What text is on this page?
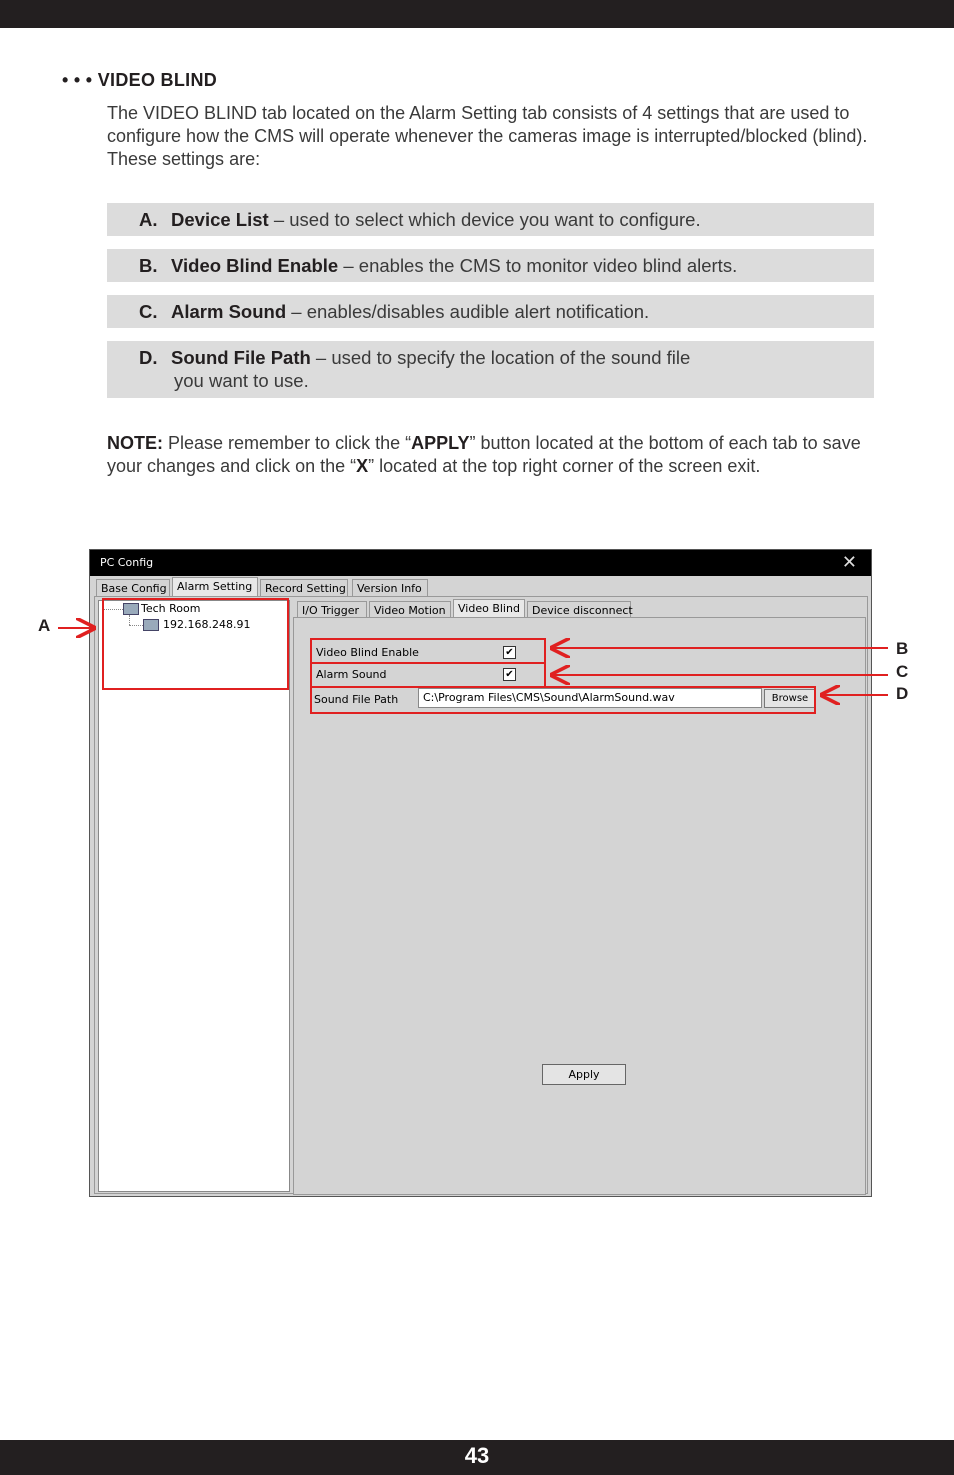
• • • VIDEO BLIND
The VIDEO BLIND tab located on the Alarm Setting tab consists of 4 settings that are used to configure how the CMS will operate whenever the cameras image is interrupted/blocked (blind). These settings are:
A. Device List – used to select which device you want to configure.
B. Video Blind Enable – enables the CMS to monitor video blind alerts.
C. Alarm Sound – enables/disables audible alert notification.
D. Sound File Path – used to specify the location of the sound file
you want to use.
NOTE: Please remember to click the “APPLY” button located at the bottom of each tab to save your changes and click on the “X” located at the top right corner of the screen exit.
PC Config	✕
Base Config Alarm Setting	Record Setting	Version Info
Tech Room
192.168.248.91
I/O Trigger	Video Motion	Video Blind	Device disconnect
Video Blind Enable	✔
Alarm Sound	✔
Sound File Path	C:\Program Files\CMS\Sound\AlarmSound.wav	Browse
Apply
A
B
C
D
43
